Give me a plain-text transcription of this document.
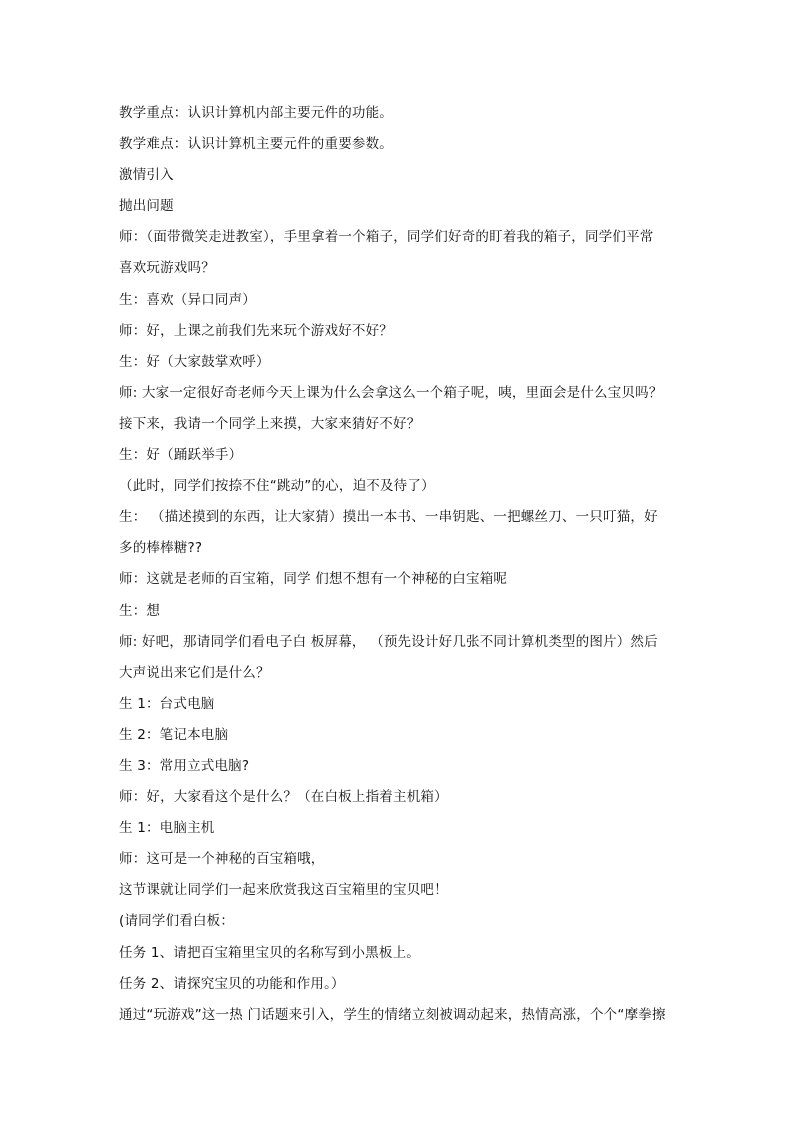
教学重点：认识计算机内部主要元件的功能。
教学难点：认识计算机主要元件的重要参数。
激情引入
抛出问题
师：（面带微笑走进教室），手里拿着一个箱子，同学们好奇的盯着我的箱子，同学们平常
喜欢玩游戏吗？
生：喜欢（异口同声）
师：好，上课之前我们先来玩个游戏好不好？
生：好（大家鼓掌欢呼）
师: 大家一定很好奇老师今天上课为什么会拿这么一个箱子呢，咦，里面会是什么宝贝吗？
接下来，我请一个同学上来摸，大家来猜好不好？
生：好（踊跃举手）
（此时，同学们按捺不住“跳动”的心，迫不及待了）
生： （描述摸到的东西，让大家猜）摸出一本书、一串钥匙、一把螺丝刀、一只叮猫，好
多的棒棒糖??
师：这就是老师的百宝箱，同学 们想不想有一个神秘的白宝箱呢
生：想
师: 好吧，那请同学们看电子白 板屏幕， （预先设计好几张不同计算机类型的图片）然后
大声说出来它们是什么？
生 1：台式电脑
生 2：笔记本电脑
生 3：常用立式电脑?
师：好，大家看这个是什么？（在白板上指着主机箱）
生 1：电脑主机
师：这可是一个神秘的百宝箱哦，
这节课就让同学们一起来欣赏我这百宝箱里的宝贝吧！
(请同学们看白板：
任务 1、请把百宝箱里宝贝的名称写到小黑板上。
任务 2、请探究宝贝的功能和作用。）
通过“玩游戏”这一热 门话题来引入，学生的情绪立刻被调动起来，热情高涨，个个“摩拳擦
